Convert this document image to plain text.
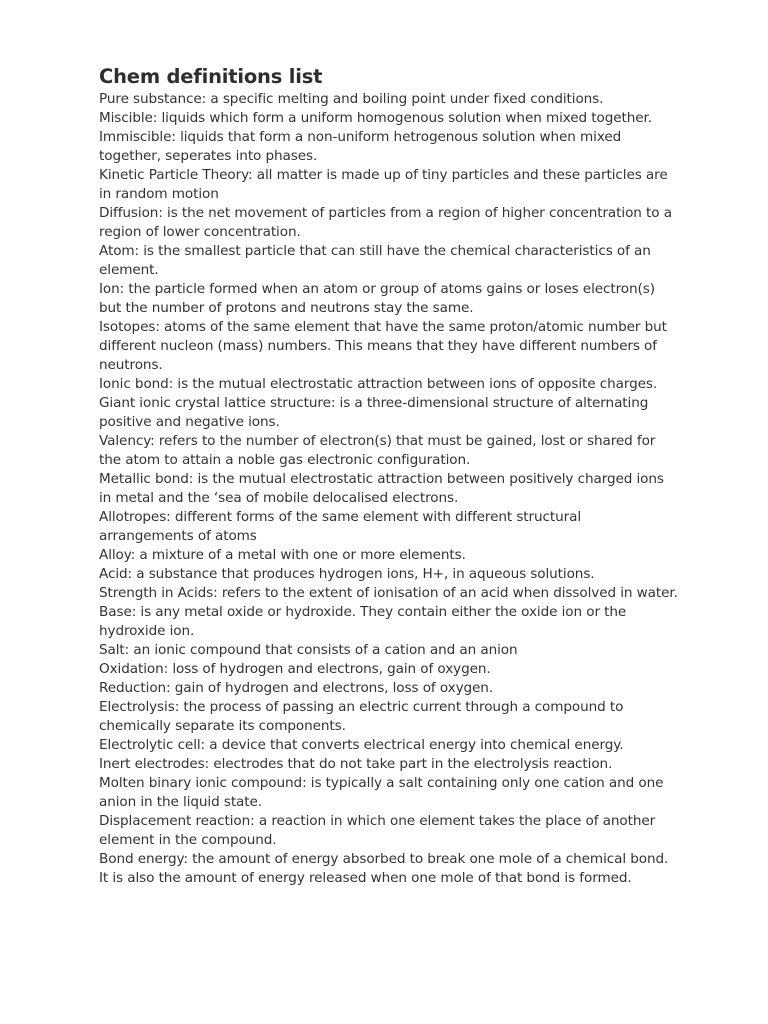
Chem definitions list
Pure substance: a specific melting and boiling point under fixed conditions.
Miscible: liquids which form a uniform homogenous solution when mixed together.
Immiscible: liquids that form a non-uniform hetrogenous solution when mixed together, seperates into phases.
Kinetic Particle Theory: all matter is made up of tiny particles and these particles are in random motion
Diffusion: is the net movement of particles from a region of higher concentration to a region of lower concentration.
Atom: is the smallest particle that can still have the chemical characteristics of an element.
Ion: the particle formed when an atom or group of atoms gains or loses electron(s) but the number of protons and neutrons stay the same.
Isotopes: atoms of the same element that have the same proton/atomic number but different nucleon (mass) numbers. This means that they have different numbers of neutrons.
Ionic bond: is the mutual electrostatic attraction between ions of opposite charges.
Giant ionic crystal lattice structure: is a three-dimensional structure of alternating positive and negative ions.
Valency: refers to the number of electron(s) that must be gained, lost or shared for the atom to attain a noble gas electronic configuration.
Metallic bond: is the mutual electrostatic attraction between positively charged ions in metal and the ‘sea of mobile delocalised electrons.
Allotropes: different forms of the same element with different structural arrangements of atoms
Alloy: a mixture of a metal with one or more elements.
Acid: a substance that produces hydrogen ions, H+, in aqueous solutions.
Strength in Acids: refers to the extent of ionisation of an acid when dissolved in water.
Base: is any metal oxide or hydroxide. They contain either the oxide ion or the hydroxide ion.
Salt: an ionic compound that consists of a cation and an anion
Oxidation: loss of hydrogen and electrons, gain of oxygen.
Reduction: gain of hydrogen and electrons, loss of oxygen.
Electrolysis: the process of passing an electric current through a compound to chemically separate its components.
Electrolytic cell: a device that converts electrical energy into chemical energy.
Inert electrodes: electrodes that do not take part in the electrolysis reaction.
Molten binary ionic compound: is typically a salt containing only one cation and one anion in the liquid state.
Displacement reaction: a reaction in which one element takes the place of another element in the compound.
Bond energy: the amount of energy absorbed to break one mole of a chemical bond. It is also the amount of energy released when one mole of that bond is formed.
